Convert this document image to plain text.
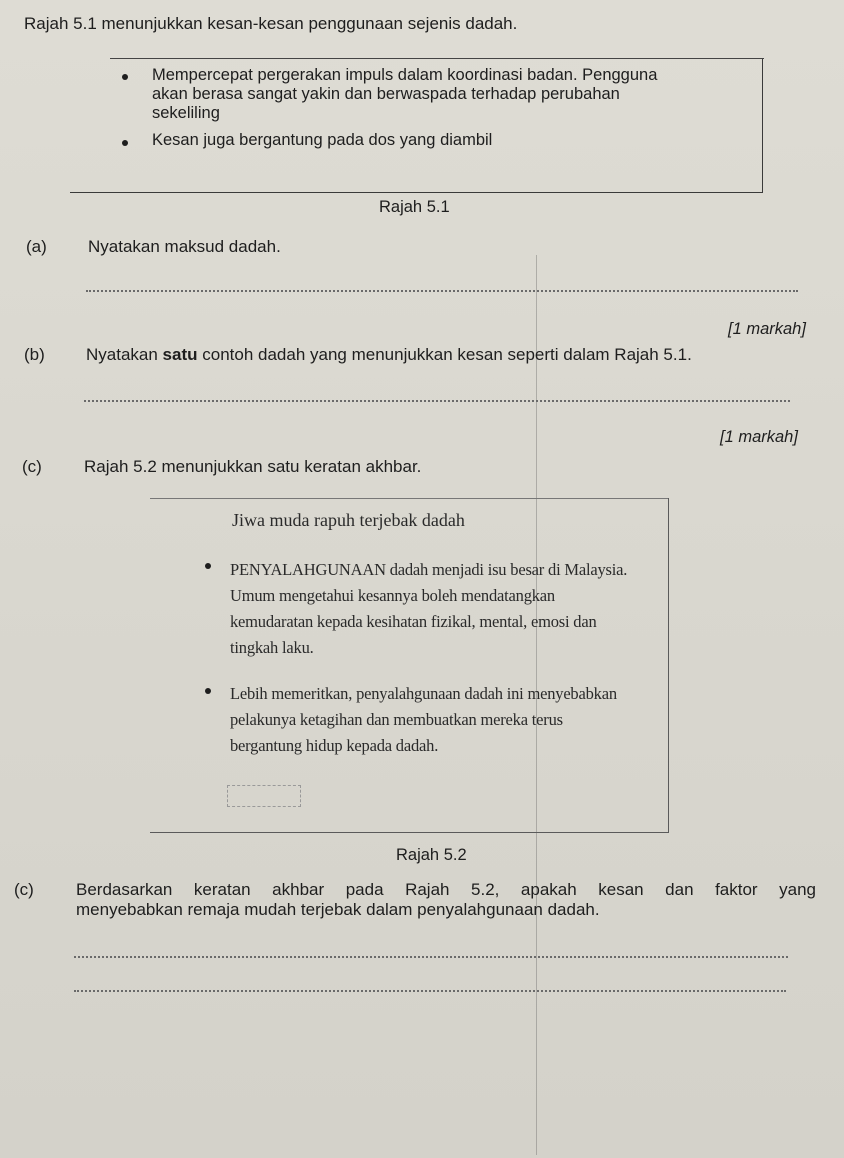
Rajah 5.1 menunjukkan kesan-kesan penggunaan sejenis dadah.
Mempercepat pergerakan impuls dalam koordinasi badan. Pengguna
akan berasa sangat yakin dan berwaspada terhadap perubahan
sekeliling
Kesan juga bergantung pada dos yang diambil
Rajah 5.1
(a) Nyatakan maksud dadah.
[1 markah]
(b) Nyatakan satu contoh dadah yang menunjukkan kesan seperti dalam Rajah 5.1.
[1 markah]
(c) Rajah 5.2 menunjukkan satu keratan akhbar.
Jiwa muda rapuh terjebak dadah
PENYALAHGUNAAN dadah menjadi isu besar di Malaysia.
Umum mengetahui kesannya boleh mendatangkan
kemudaratan kepada kesihatan fizikal, mental, emosi dan
tingkah laku.
Lebih memeritkan, penyalahgunaan dadah ini menyebabkan
pelakunya ketagihan dan membuatkan mereka terus
bergantung hidup kepada dadah.
Rajah 5.2
(c) Berdasarkan keratan akhbar pada Rajah 5.2, apakah kesan dan faktor yang
menyebabkan remaja mudah terjebak dalam penyalahgunaan dadah.
